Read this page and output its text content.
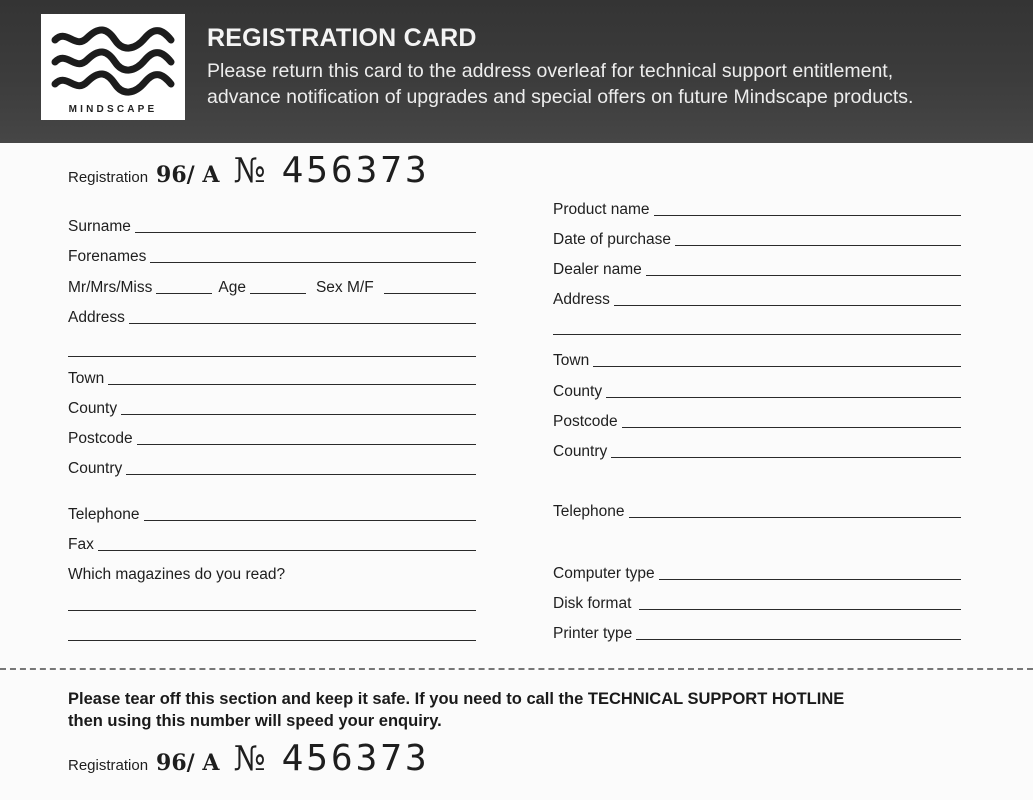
MINDSCAPE
REGISTRATION CARD
Please return this card to the address overleaf for technical support entitlement,
advance notification of upgrades and special offers on future Mindscape products.
Registration 96/ A № 456373
Surname
Forenames
Mr/Mrs/Miss	Age	Sex M/F
Address
Town
County
Postcode
Country
Telephone
Fax
Which magazines do you read?
Product name
Date of purchase
Dealer name
Address
Town
County
Postcode
Country
Telephone
Computer type
Disk format
Printer type
Please tear off this section and keep it safe. If you need to call the TECHNICAL SUPPORT HOTLINE
then using this number will speed your enquiry.
Registration 96/ A № 456373
